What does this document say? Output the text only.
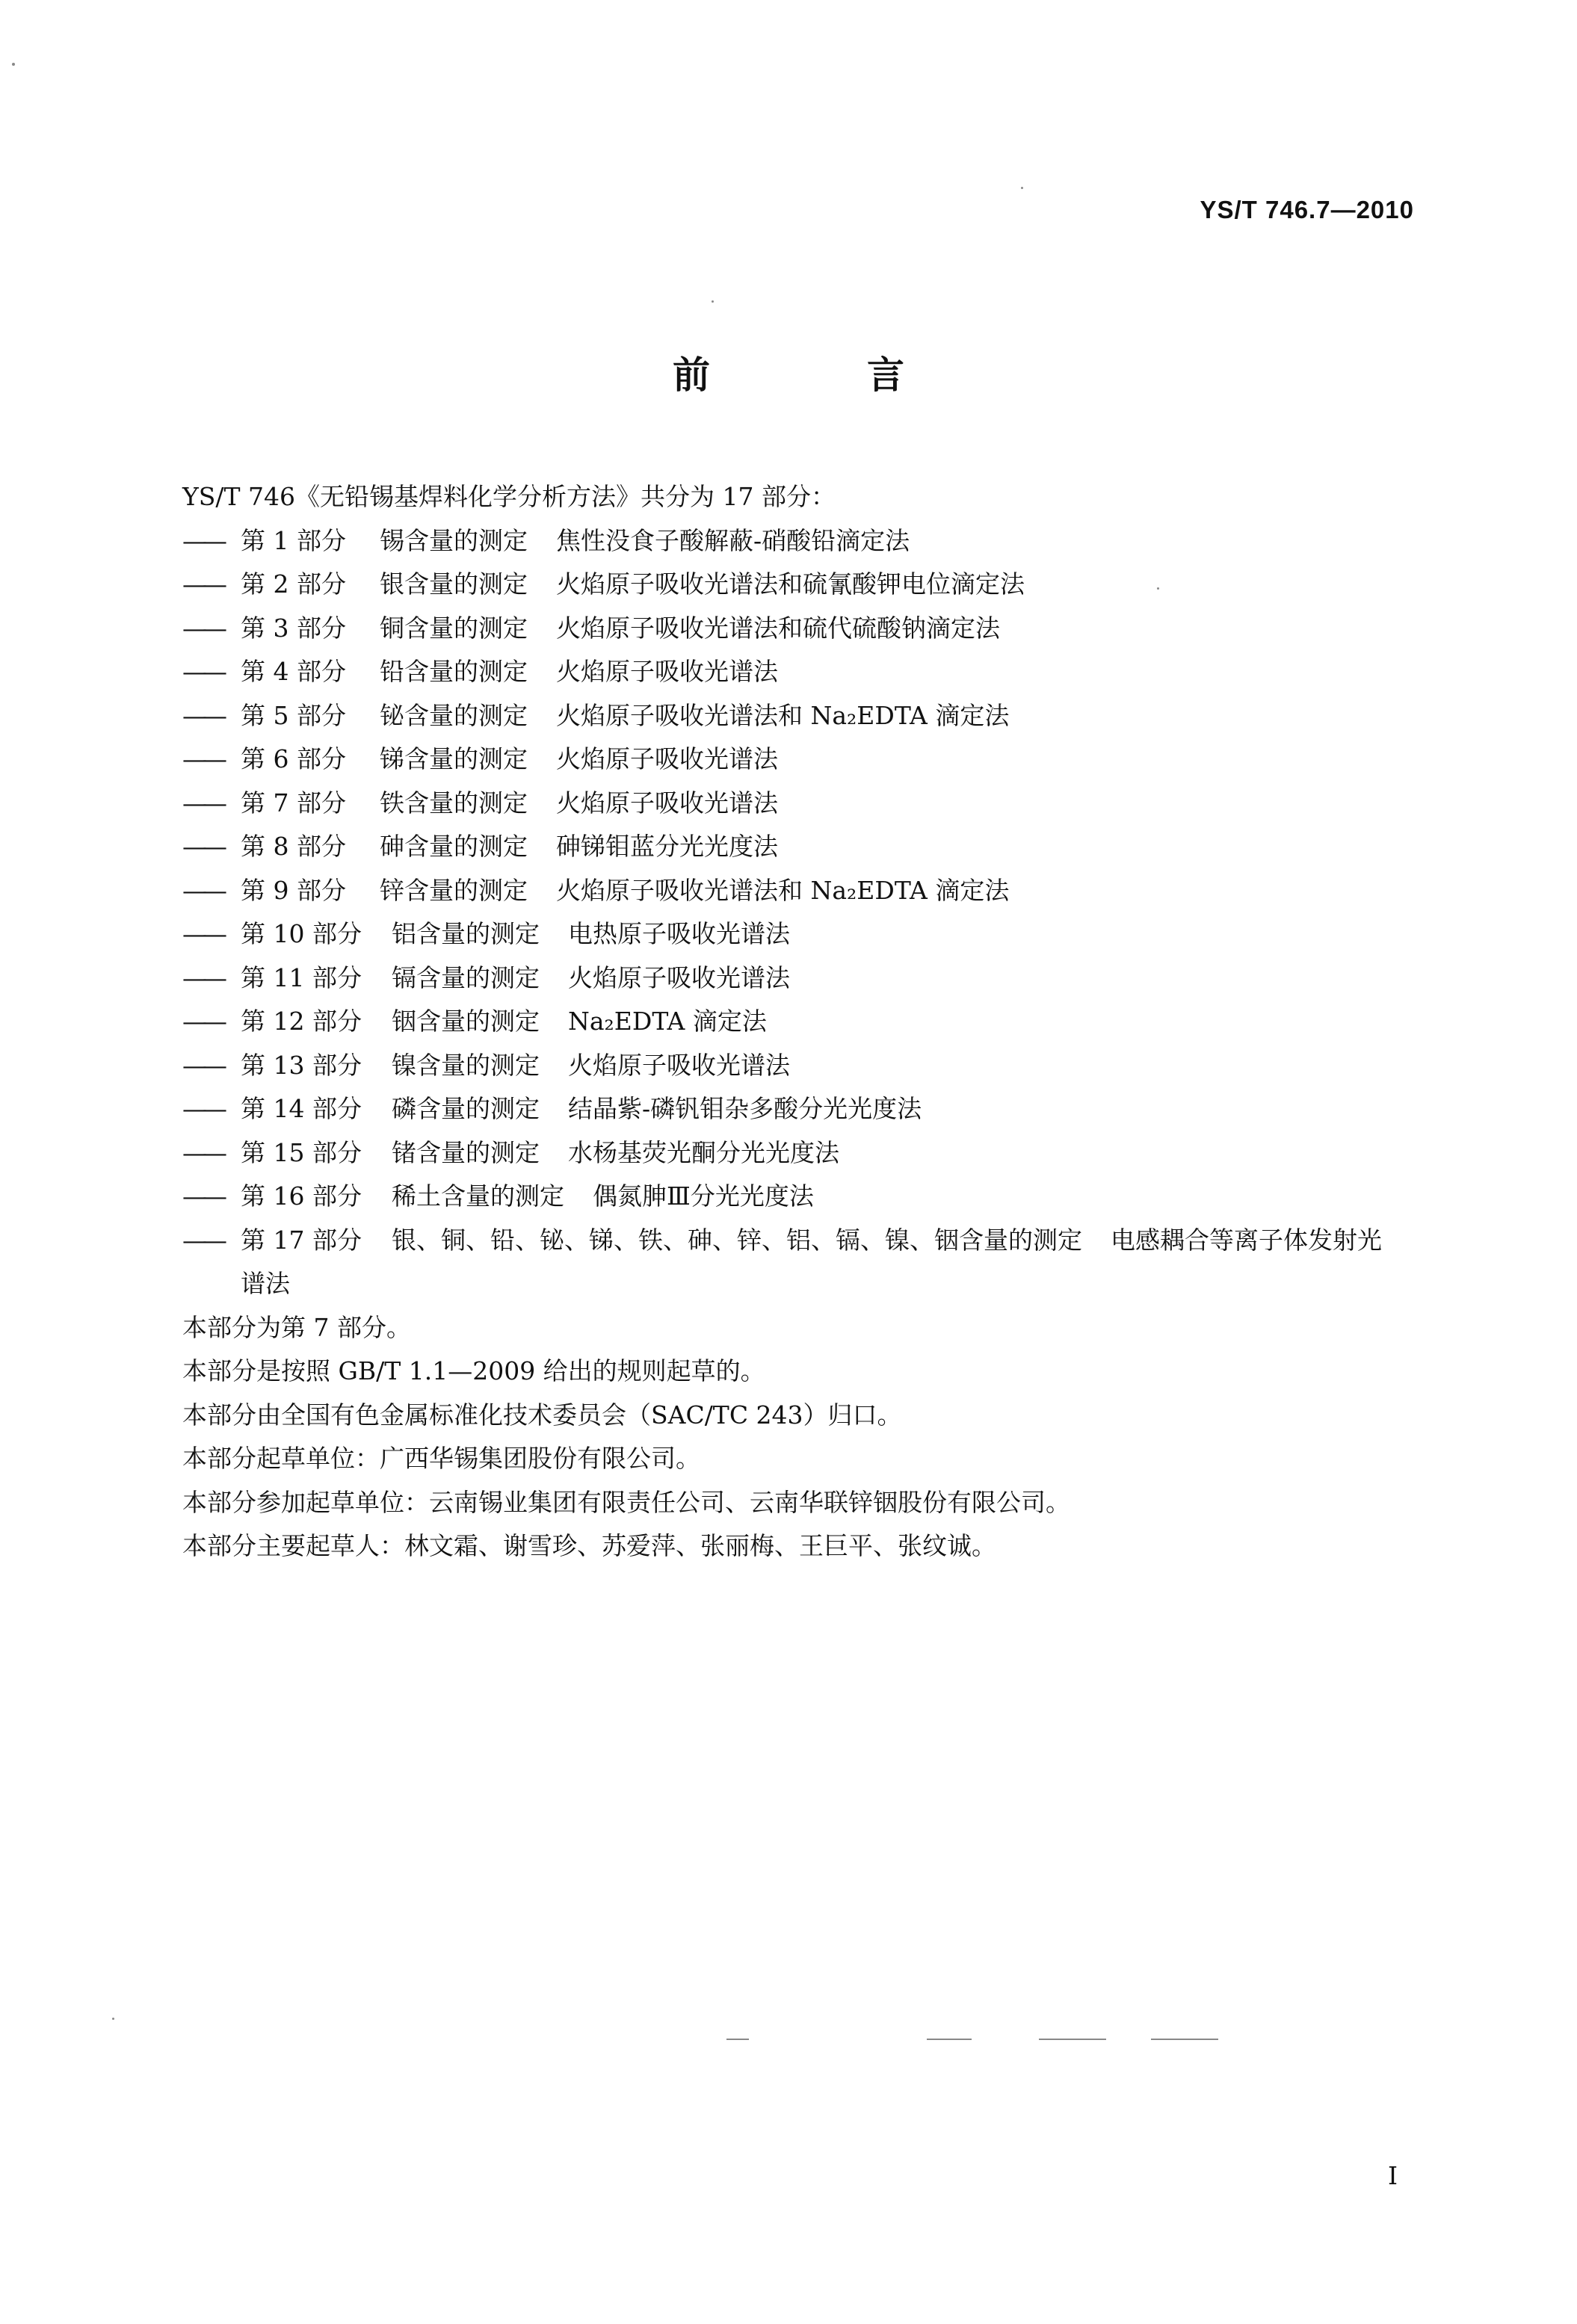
YS/T 746.7—2010
前　言
YS/T 746《无铅锡基焊料化学分析方法》共分为 17 部分：
—— 第 1 部分	锡含量的测定 焦性没食子酸解蔽-硝酸铅滴定法
—— 第 2 部分	银含量的测定 火焰原子吸收光谱法和硫氰酸钾电位滴定法
—— 第 3 部分	铜含量的测定 火焰原子吸收光谱法和硫代硫酸钠滴定法
—— 第 4 部分	铅含量的测定 火焰原子吸收光谱法
—— 第 5 部分	铋含量的测定 火焰原子吸收光谱法和 Na₂EDTA 滴定法
—— 第 6 部分	锑含量的测定 火焰原子吸收光谱法
—— 第 7 部分	铁含量的测定 火焰原子吸收光谱法
—— 第 8 部分	砷含量的测定 砷锑钼蓝分光光度法
—— 第 9 部分	锌含量的测定 火焰原子吸收光谱法和 Na₂EDTA 滴定法
—— 第 10 部分	铝含量的测定 电热原子吸收光谱法
—— 第 11 部分	镉含量的测定 火焰原子吸收光谱法
—— 第 12 部分	铟含量的测定 Na₂EDTA 滴定法
—— 第 13 部分	镍含量的测定 火焰原子吸收光谱法
—— 第 14 部分	磷含量的测定 结晶紫-磷钒钼杂多酸分光光度法
—— 第 15 部分	锗含量的测定 水杨基荧光酮分光光度法
—— 第 16 部分	稀土含量的测定 偶氮胂Ⅲ分光光度法
—— 第 17 部分	银、铜、铅、铋、锑、铁、砷、锌、铝、镉、镍、铟含量的测定 电感耦合等离子体发射光
谱法
本部分为第 7 部分。
本部分是按照 GB/T 1.1—2009 给出的规则起草的。
本部分由全国有色金属标准化技术委员会（SAC/TC 243）归口。
本部分起草单位：广西华锡集团股份有限公司。
本部分参加起草单位：云南锡业集团有限责任公司、云南华联锌铟股份有限公司。
本部分主要起草人：林文霜、谢雪珍、苏爱萍、张丽梅、王巨平、张纹诚。
I
